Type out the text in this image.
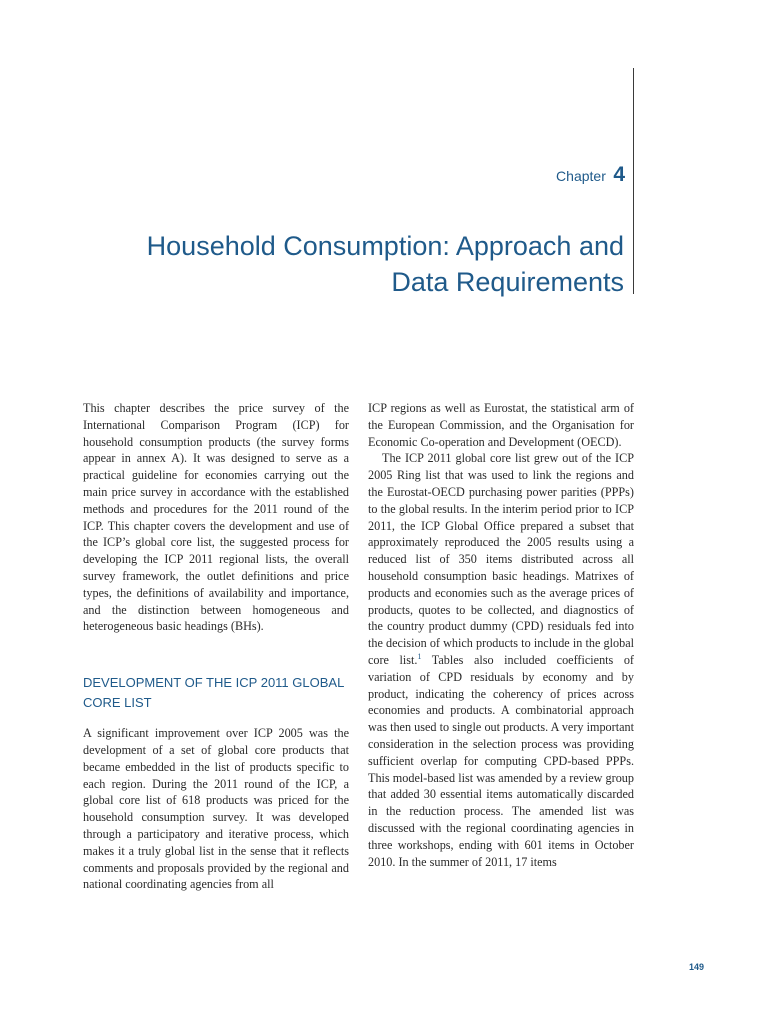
Chapter 4
Household Consumption: Approach and
Data Requirements

This chapter describes the price survey of the International Comparison Program (ICP) for household consumption products (the survey forms appear in annex A). It was designed to serve as a practical guideline for economies carrying out the main price survey in accordance with the established methods and procedures for the 2011 round of the ICP. This chapter covers the development and use of the ICP’s global core list, the suggested process for developing the ICP 2011 regional lists, the overall survey framework, the outlet definitions and price types, the definitions of availability and importance, and the distinction between homogeneous and heterogeneous basic headings (BHs).

DEVELOPMENT OF THE ICP 2011 GLOBAL CORE LIST

A significant improvement over ICP 2005 was the development of a set of global core products that became embedded in the list of products specific to each region. During the 2011 round of the ICP, a global core list of 618 products was priced for the household consumption survey. It was developed through a participatory and iterative process, which makes it a truly global list in the sense that it reflects comments and proposals provided by the regional and national coordinating agencies from all

ICP regions as well as Eurostat, the statistical arm of the European Commission, and the Organisation for Economic Co-operation and Development (OECD).

The ICP 2011 global core list grew out of the ICP 2005 Ring list that was used to link the regions and the Eurostat-OECD purchasing power parities (PPPs) to the global results. In the interim period prior to ICP 2011, the ICP Global Office prepared a subset that approximately reproduced the 2005 results using a reduced list of 350 items distributed across all household consumption basic headings. Matrixes of products and economies such as the average prices of products, quotes to be collected, and diagnostics of the country product dummy (CPD) residuals fed into the decision of which products to include in the global core list.$^1$ Tables also included coefficients of variation of CPD residuals by economy and by product, indicating the coherency of prices across economies and products. A combinatorial approach was then used to single out products. A very important consideration in the selection process was providing sufficient overlap for computing CPD-based PPPs. This model-based list was amended by a review group that added 30 essential items automatically discarded in the reduction process. The amended list was discussed with the regional coordinating agencies in three workshops, ending with 601 items in October 2010. In the summer of 2011, 17 items

149
